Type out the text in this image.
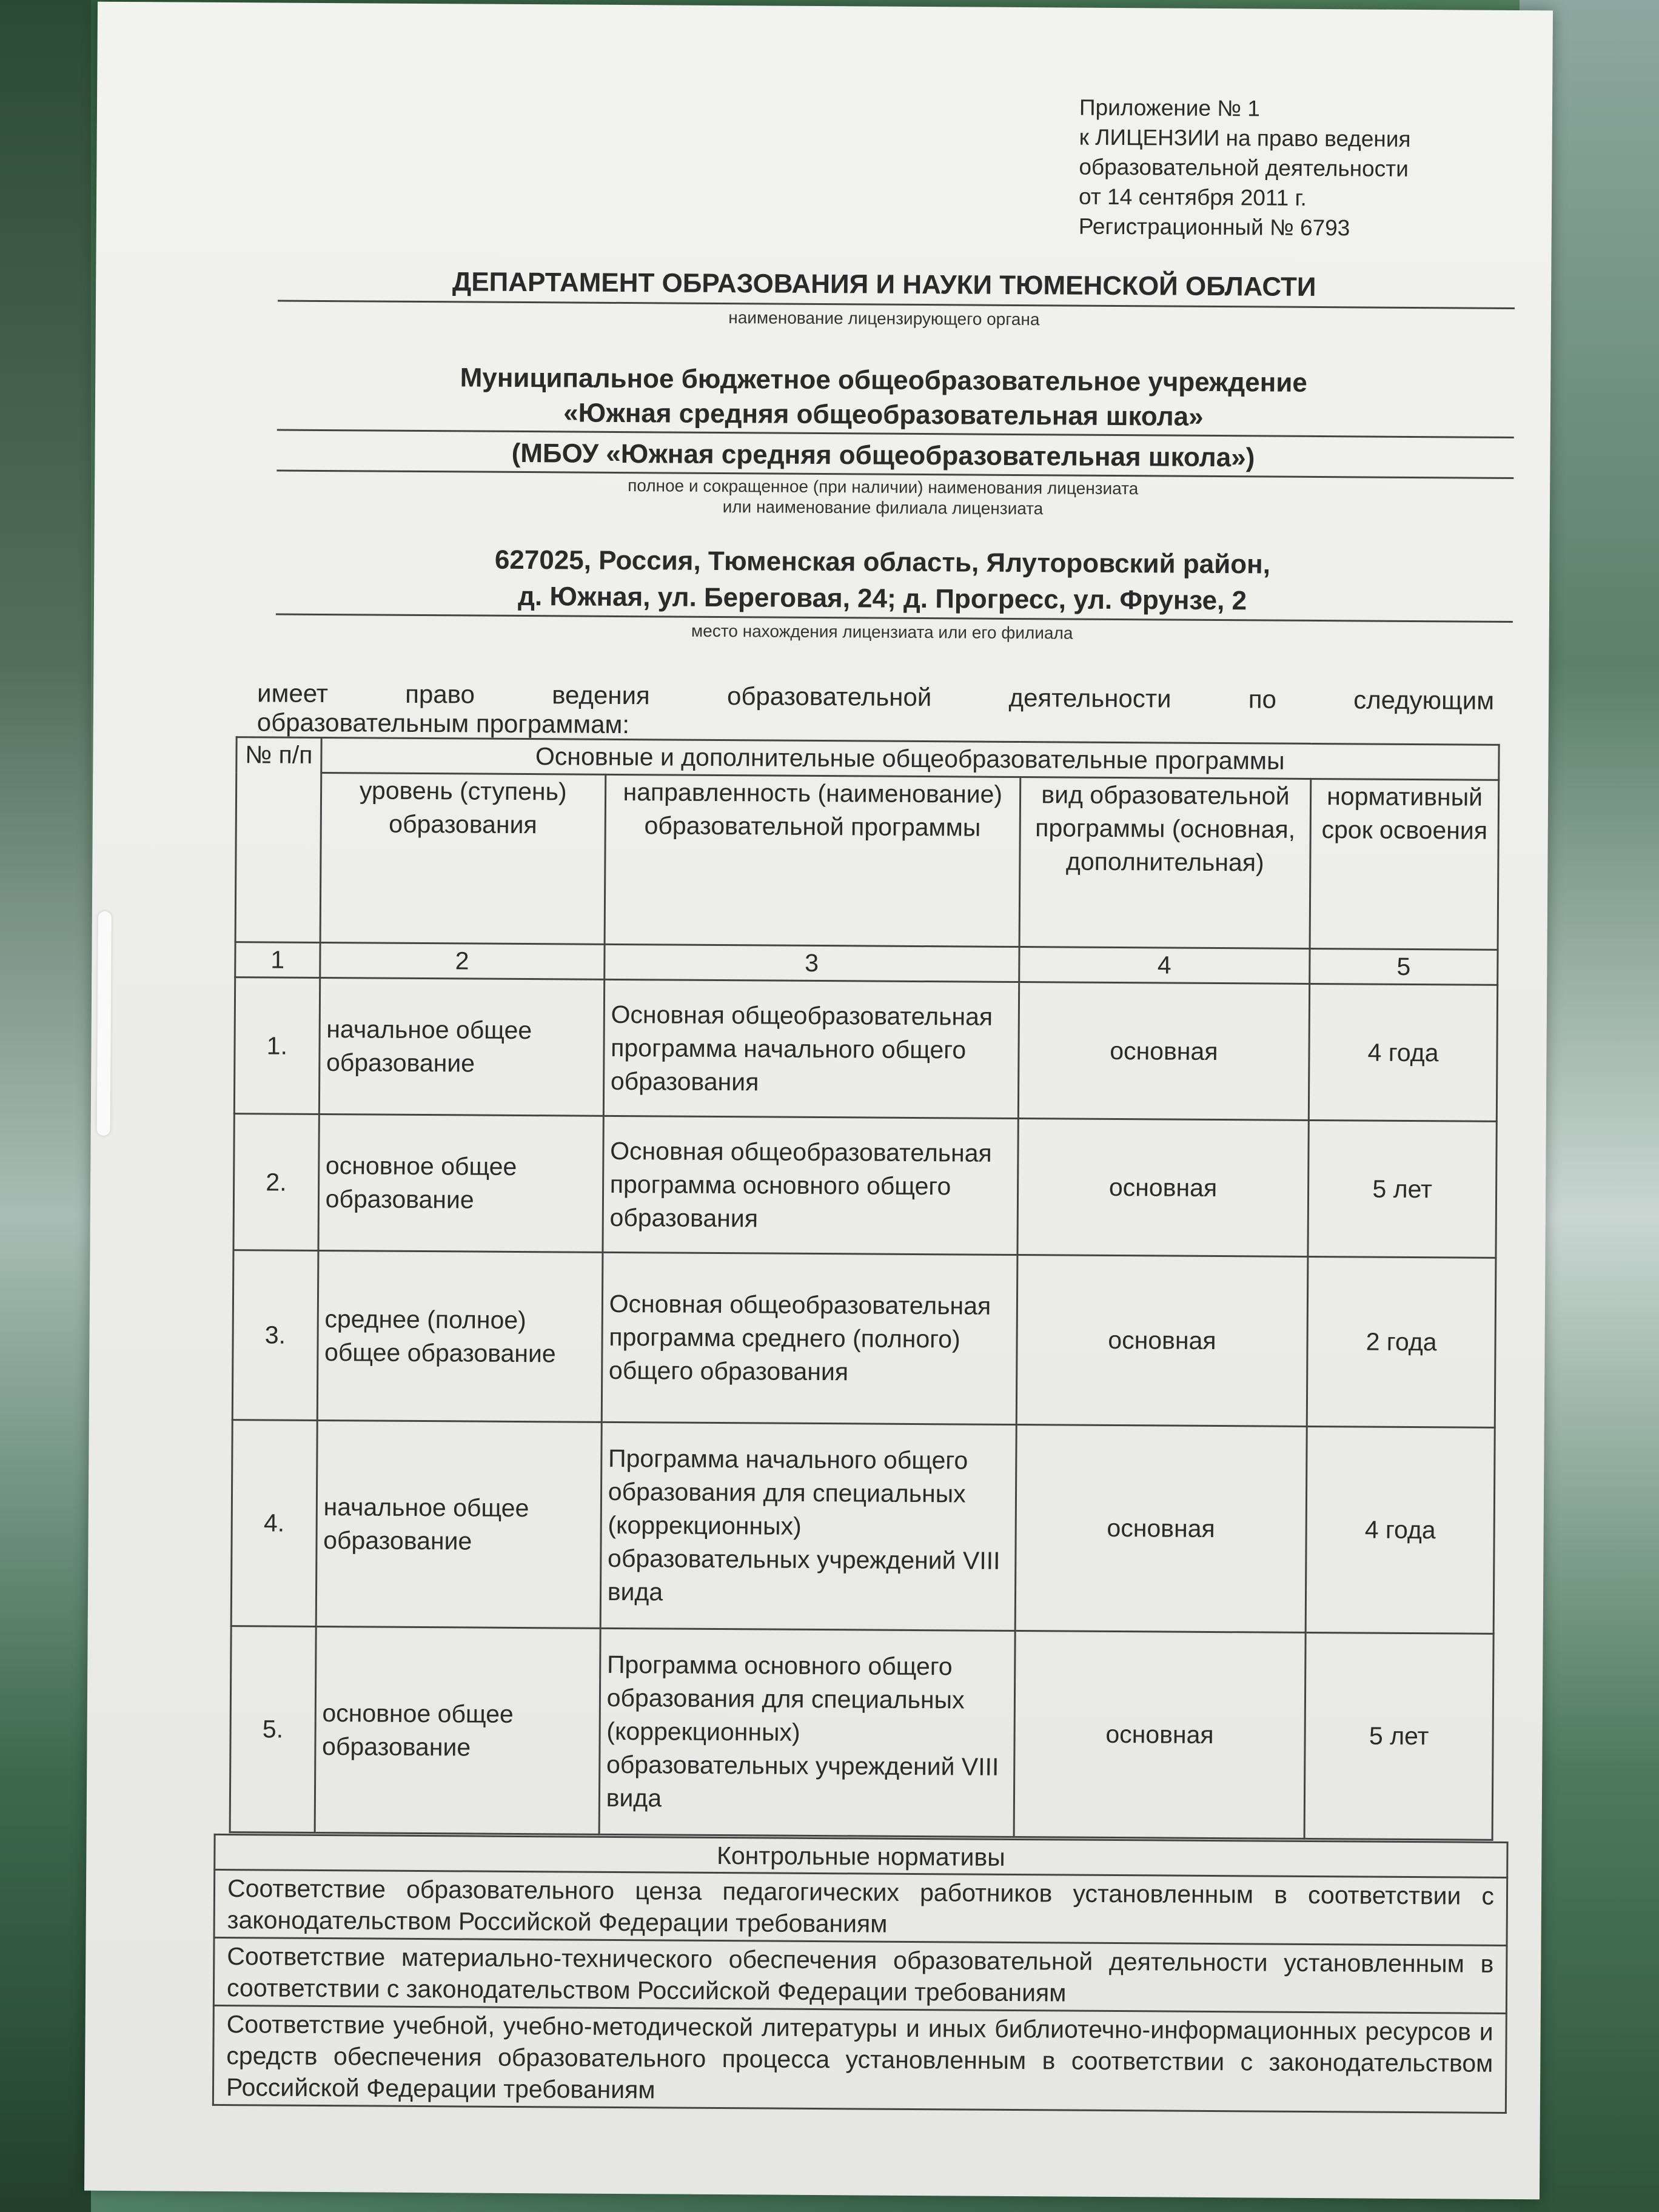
Приложение № 1
к ЛИЦЕНЗИИ на право ведения
образовательной деятельности
от 14 сентября 2011 г.
Регистрационный № 6793
ДЕПАРТАМЕНТ ОБРАЗОВАНИЯ И НАУКИ ТЮМЕНСКОЙ ОБЛАСТИ
наименование лицензирующего органа
Муниципальное бюджетное общеобразовательное учреждение
«Южная средняя общеобразовательная школа»
(МБОУ «Южная средняя общеобразовательная школа»)
полное и сокращенное (при наличии) наименования лицензиата
или наименование филиала лицензиата
627025, Россия, Тюменская область, Ялуторовский район,
д. Южная, ул. Береговая, 24; д. Прогресс, ул. Фрунзе, 2
место нахождения лицензиата или его филиала
имеет право ведения образовательной деятельности по следующим
образовательным программам:
№ п/п	Основные и дополнительные общеобразовательные программы			
	уровень (ступень) образования	направленность (наименование) образовательной программы	вид образовательной программы (основная, дополнительная)	нормативный срок освоения
1	2	3	4	5
1.	начальное общее образование	Основная общеобразовательная программа начального общего образования	основная	4 года
2.	основное общее образование	Основная общеобразовательная программа основного общего образования	основная	5 лет
3.	среднее (полное) общее образование	Основная общеобразовательная программа среднего (полного) общего образования	основная	2 года
4.	начальное общее образование	Программа начального общего образования для специальных (коррекционных) образовательных учреждений VIII вида	основная	4 года
5.	основное общее образование	Программа основного общего образования для специальных (коррекционных) образовательных учреждений VIII вида	основная	5 лет
Контрольные нормативы
Соответствие образовательного ценза педагогических работников установленным в соответствии с законодательством Российской Федерации требованиям
Соответствие материально-технического обеспечения образовательной деятельности установленным в соответствии с законодательством Российской Федерации требованиям
Соответствие учебной, учебно-методической литературы и иных библиотечно-информационных ресурсов и средств обеспечения образовательного процесса установленным в соответствии с законодательством Российской Федерации требованиям
